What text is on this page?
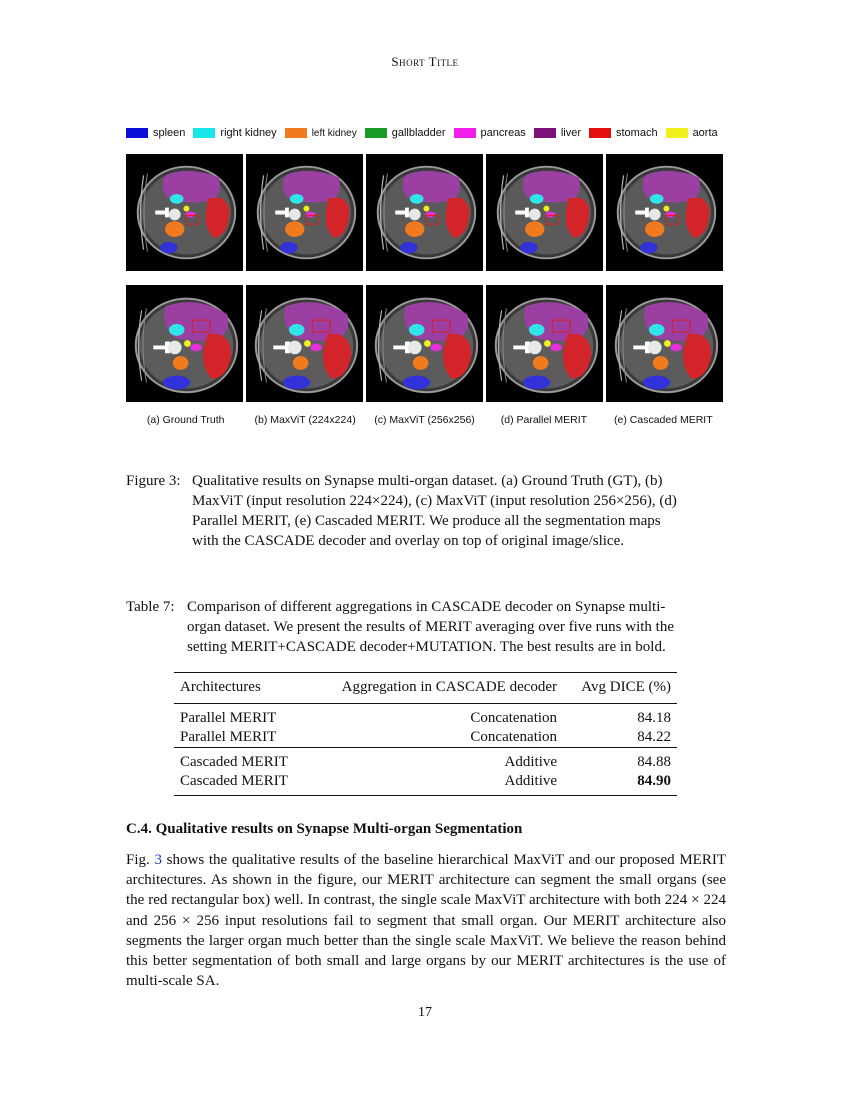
Short Title
spleen	right kidney	left kidney	gallbladder	pancreas	liver	stomach	aorta
(a) Ground Truth	(b) MaxViT (224x224)	(c) MaxViT (256x256)	(d) Parallel MERIT	(e) Cascaded MERIT
Figure 3: Qualitative results on Synapse multi-organ dataset. (a) Ground Truth (GT), (b)
MaxViT (input resolution 224×224), (c) MaxViT (input resolution 256×256), (d)
Parallel MERIT, (e) Cascaded MERIT. We produce all the segmentation maps
with the CASCADE decoder and overlay on top of original image/slice.
Table 7: Comparison of different aggregations in CASCADE decoder on Synapse multi-
organ dataset. We present the results of MERIT averaging over five runs with the
setting MERIT+CASCADE decoder+MUTATION. The best results are in bold.
Architectures	Aggregation in CASCADE decoder	Avg DICE (%)
Parallel MERIT	Concatenation	84.18
Parallel MERIT	Concatenation	84.22
Cascaded MERIT	Additive	84.88
Cascaded MERIT	Additive	84.90
C.4. Qualitative results on Synapse Multi-organ Segmentation
Fig. 3 shows the qualitative results of the baseline hierarchical MaxViT and our proposed MERIT architectures. As shown in the figure, our MERIT architecture can segment the small organs (see the red rectangular box) well. In contrast, the single scale MaxViT architecture with both 224 × 224 and 256 × 256 input resolutions fail to segment that small organ. Our MERIT architecture also segments the larger organ much better than the single scale MaxViT. We believe the reason behind this better segmentation of both small and large organs by our MERIT architectures is the use of multi-scale SA.
17
